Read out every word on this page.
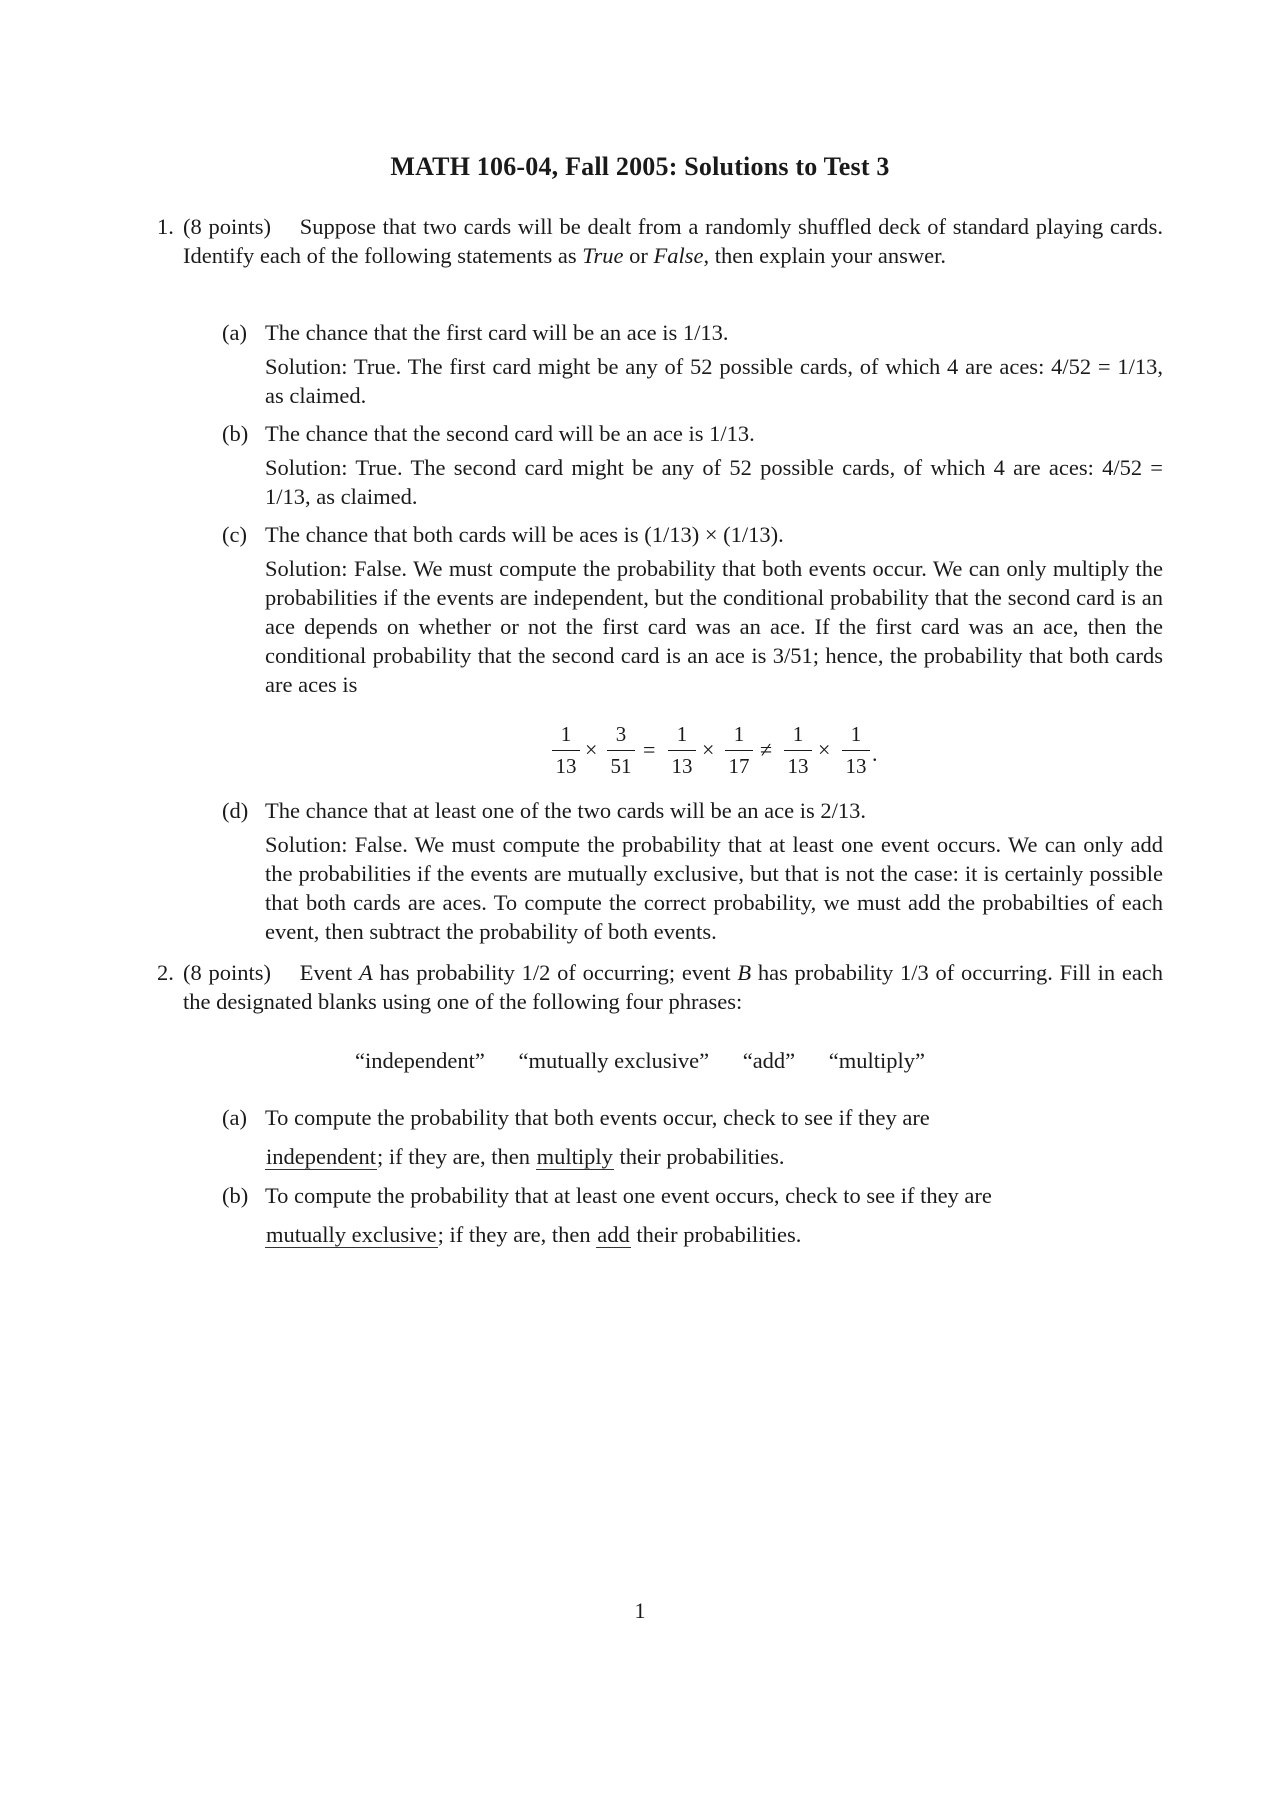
MATH 106-04, Fall 2005: Solutions to Test 3
1. (8 points) Suppose that two cards will be dealt from a randomly shuffled deck of standard playing cards. Identify each of the following statements as True or False, then explain your answer.
(a) The chance that the first card will be an ace is 1/13.
Solution: True. The first card might be any of 52 possible cards, of which 4 are aces: 4/52 = 1/13, as claimed.
(b) The chance that the second card will be an ace is 1/13.
Solution: True. The second card might be any of 52 possible cards, of which 4 are aces: 4/52 = 1/13, as claimed.
(c) The chance that both cards will be aces is (1/13) × (1/13).
Solution: False. We must compute the probability that both events occur. We can only multiply the probabilities if the events are independent, but the conditional probability that the second card is an ace depends on whether or not the first card was an ace. If the first card was an ace, then the conditional probability that the second card is an ace is 3/51; hence, the probability that both cards are aces is
1
13
×
3
51
=
1
13
×
1
17
≠
1
13
×
1
13 .
(d) The chance that at least one of the two cards will be an ace is 2/13.
Solution: False. We must compute the probability that at least one event occurs. We can only add the probabilities if the events are mutually exclusive, but that is not the case: it is certainly possible that both cards are aces. To compute the correct probability, we must add the probabilties of each event, then subtract the probability of both events.
2. (8 points) Event A has probability 1/2 of occurring; event B has probability 1/3 of occurring. Fill in each the designated blanks using one of the following four phrases:
“independent” “mutually exclusive” “add” “multiply”
(a) To compute the probability that both events occur, check to see if they are
independent; if they are, then multiply their probabilities.
(b) To compute the probability that at least one event occurs, check to see if they are
mutually exclusive; if they are, then add their probabilities.
1
